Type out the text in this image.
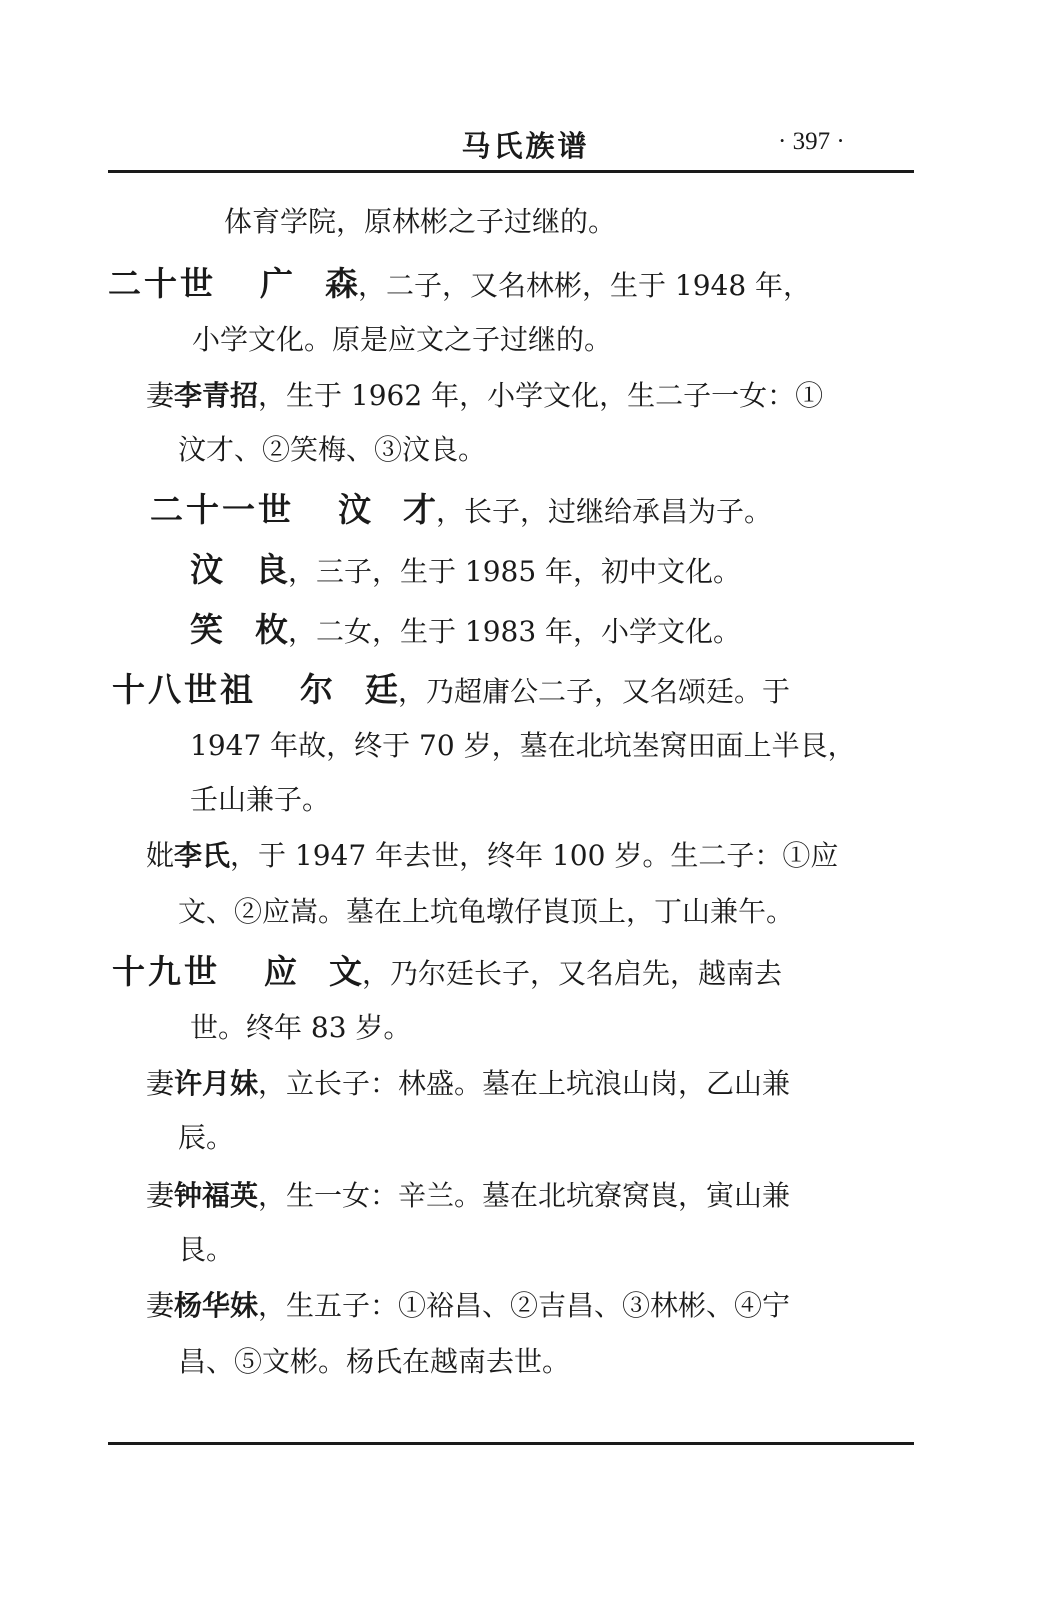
马氏族谱	· 397 ·
体育学院，原林彬之子过继的。
二十世 广森，二子，又名林彬，生于 1948 年，
小学文化。原是应文之子过继的。
妻李青招，生于 1962 年，小学文化，生二子一女：①
汶才、②笑梅、③汶良。
二十一世 汶才，长子，过继给承昌为子。
汶良，三子，生于 1985 年，初中文化。
笑枚，二女，生于 1983 年，小学文化。
十八世祖 尔廷，乃超庸公二子，又名颂廷。于
1947 年故，终于 70 岁，墓在北坑峚窝田面上半艮，
壬山兼子。
妣李氏，于 1947 年去世，终年 100 岁。生二子：①应
文、②应嵩。墓在上坑龟墩仔崀顶上，丁山兼午。
十九世 应文，乃尔廷长子，又名启先，越南去
世。终年 83 岁。
妻许月妹，立长子：林盛。墓在上坑浪山岗，乙山兼
辰。
妻钟福英，生一女：辛兰。墓在北坑寮窝崀，寅山兼
艮。
妻杨华妹，生五子：①裕昌、②吉昌、③林彬、④宁
昌、⑤文彬。杨氏在越南去世。
